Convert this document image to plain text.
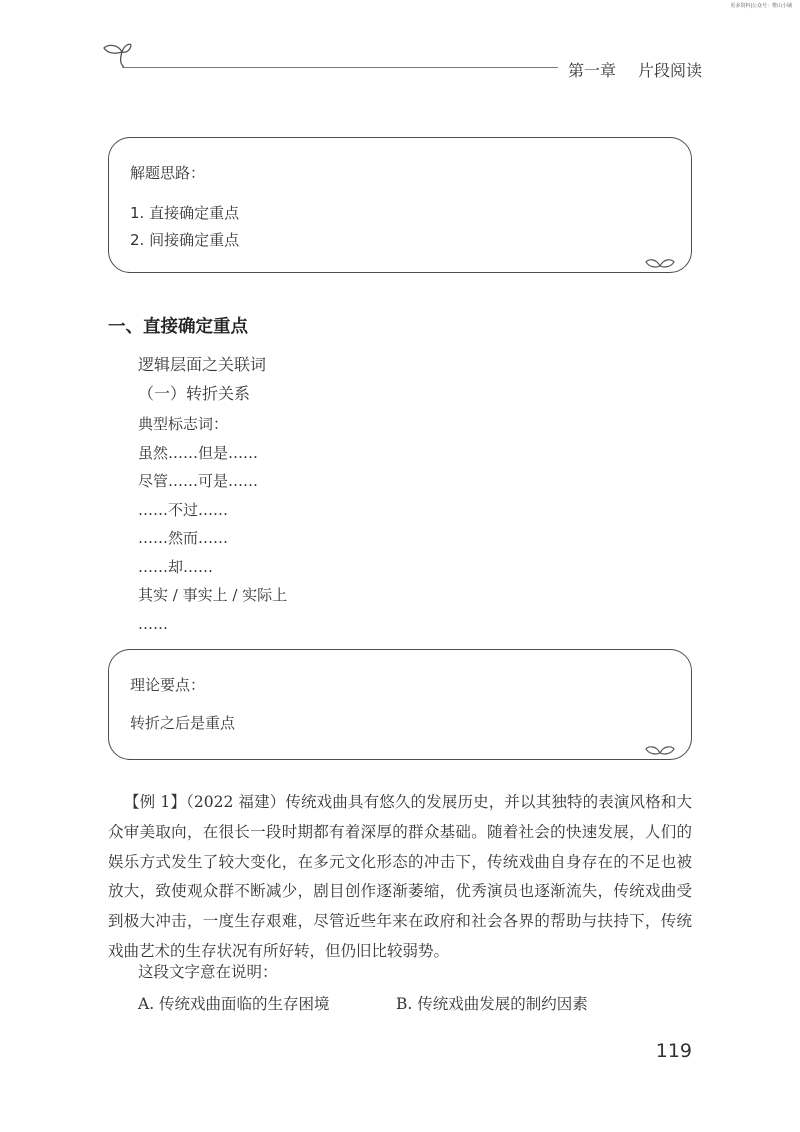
更多资料|公众号：橙山小铺
第一章 片段阅读
解题思路：
1. 直接确定重点
2. 间接确定重点
一、直接确定重点
逻辑层面之关联词
（一）转折关系
典型标志词：
虽然……但是……
尽管……可是……
……不过……
……然而……
……却……
其实 / 事实上 / 实际上
……
理论要点：
转折之后是重点

【例 1】（2022 福建）传统戏曲具有悠久的发展历史，并以其独特的表演风格和大众审美取向，在很长一段时期都有着深厚的群众基础。随着社会的快速发展，人们的娱乐方式发生了较大变化，在多元文化形态的冲击下，传统戏曲自身存在的不足也被放大，致使观众群不断减少，剧目创作逐渐萎缩，优秀演员也逐渐流失，传统戏曲受到极大冲击，一度生存艰难，尽管近些年来在政府和社会各界的帮助与扶持下，传统戏曲艺术的生存状况有所好转，但仍旧比较弱势。

这段文字意在说明：
A. 传统戏曲面临的生存困境	B. 传统戏曲发展的制约因素
119
